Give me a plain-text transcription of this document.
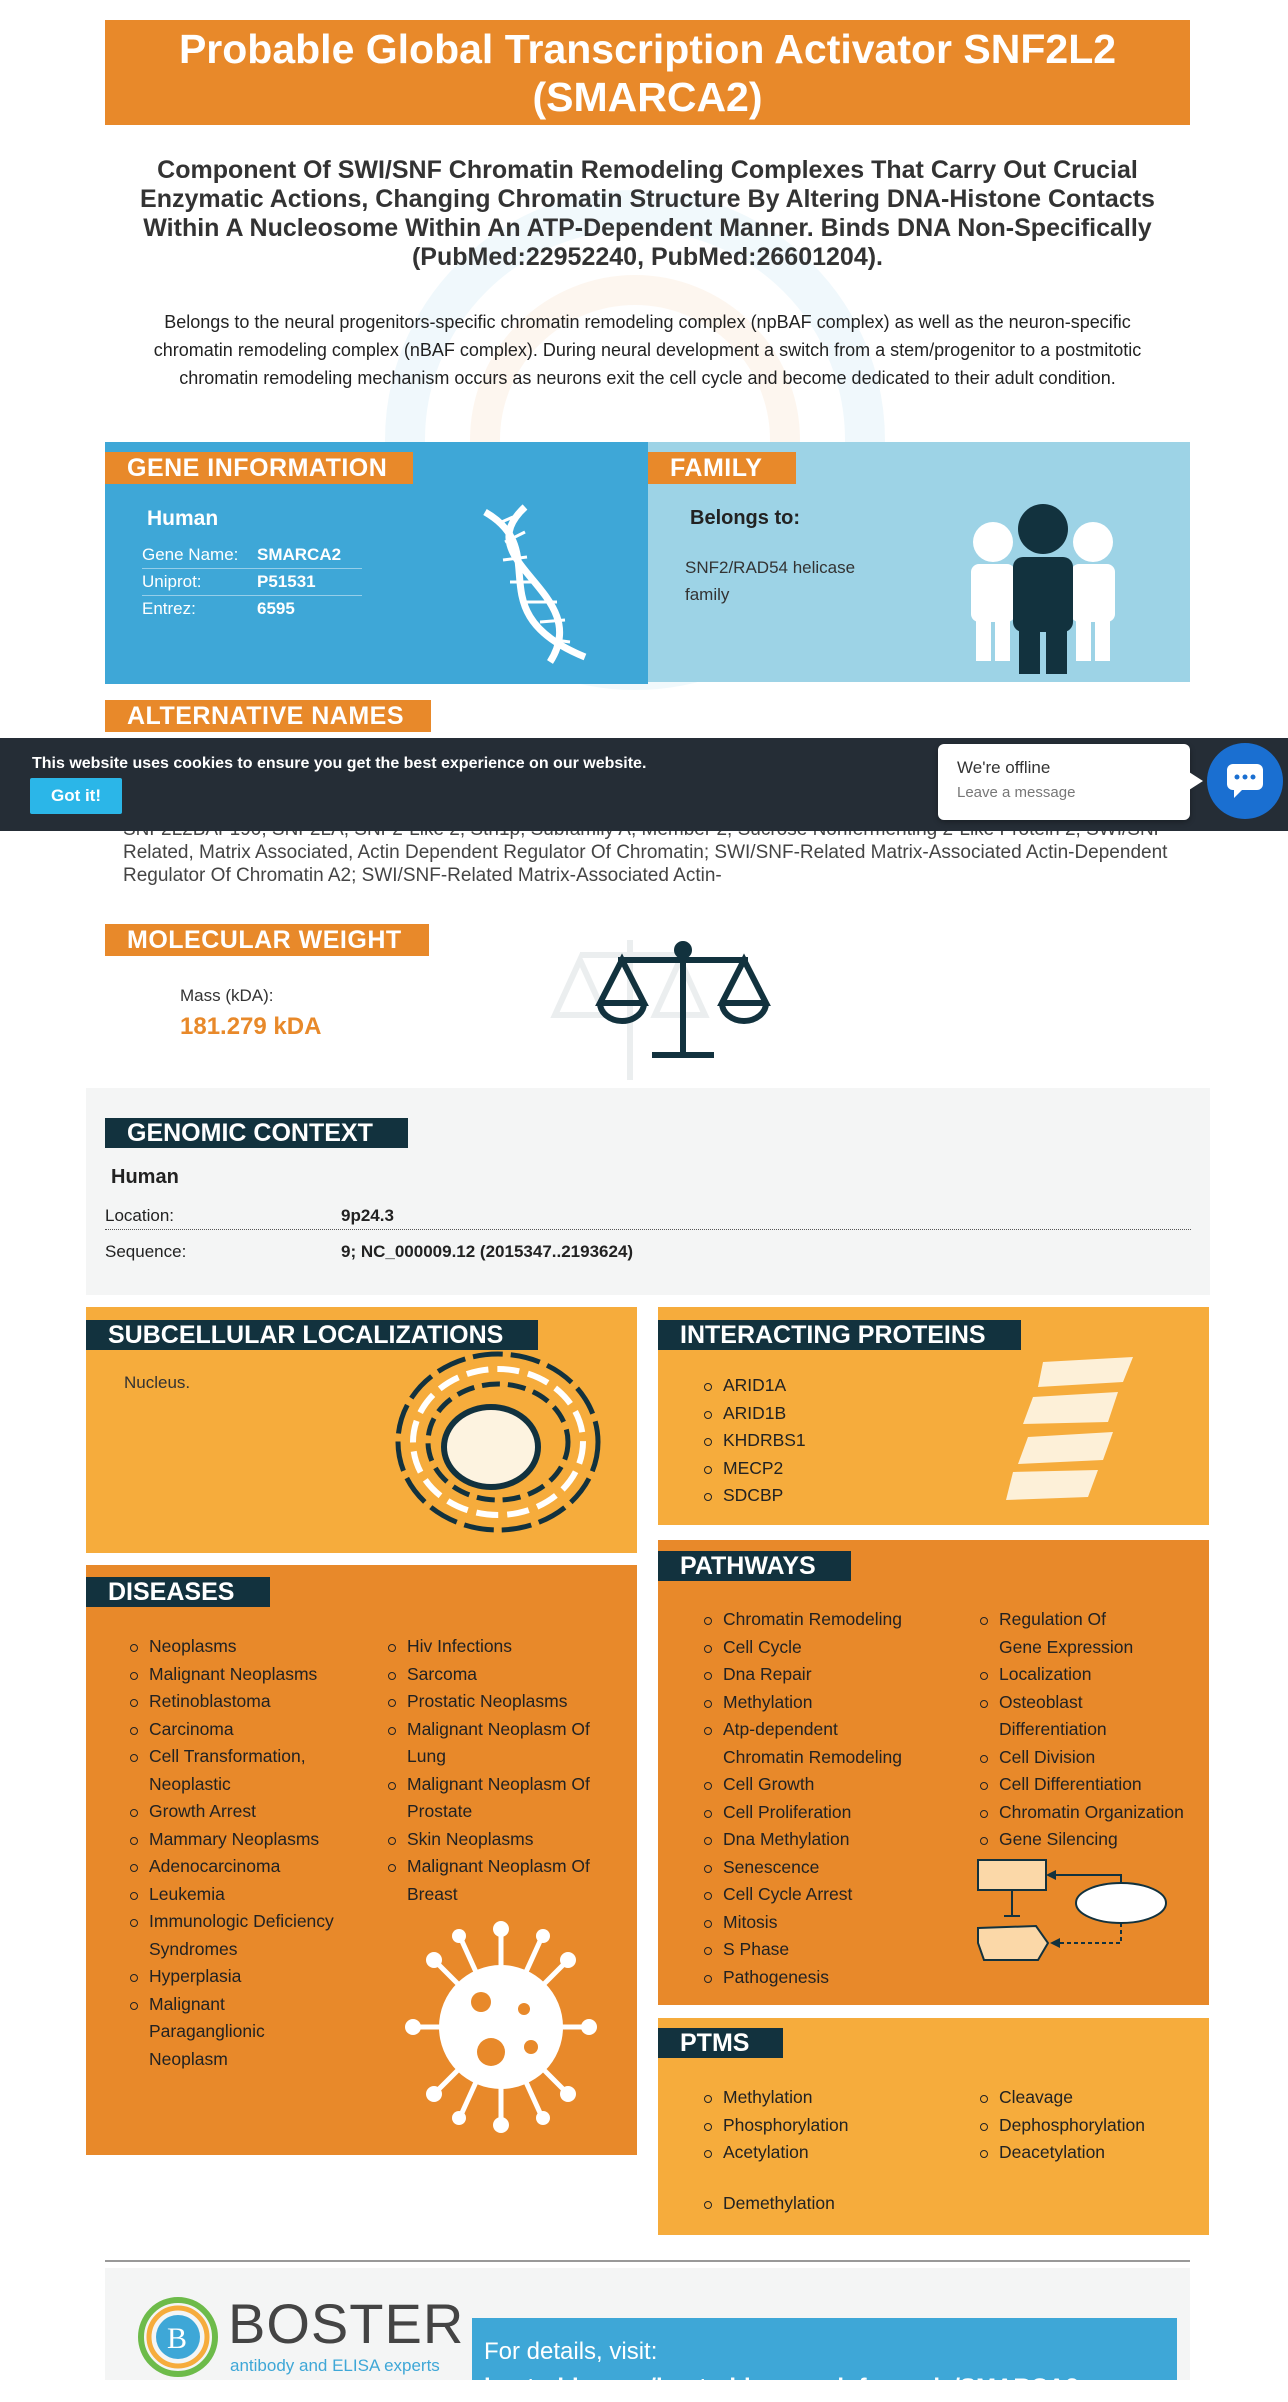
Probable Global Transcription Activator SNF2L2 (SMARCA2)
Component Of SWI/SNF Chromatin Remodeling Complexes That Carry Out Crucial Enzymatic Actions, Changing Chromatin Structure By Altering DNA-Histone Contacts Within A Nucleosome Within An ATP-Dependent Manner. Binds DNA Non-Specifically (PubMed:22952240, PubMed:26601204).
Belongs to the neural progenitors-specific chromatin remodeling complex (npBAF complex) as well as the neuron-specific chromatin remodeling complex (nBAF complex). During neural development a switch from a stem/progenitor to a postmitotic chromatin remodeling mechanism occurs as neurons exit the cell cycle and become dedicated to their adult condition.
GENE INFORMATION
Human
Gene Name:	SMARCA2
Uniprot:	P51531
Entrez:	6595
FAMILY
Belongs to:
SNF2/RAD54 helicase family
ALTERNATIVE NAMES
Related, Matrix Associated, Actin Dependent Regulator Of Chromatin; SWI/SNF-Related Matrix-Associated Actin-Dependent Regulator Of Chromatin A2; SWI/SNF-Related Matrix-Associated Actin-
This website uses cookies to ensure you get the best experience on our website.
Got it!
We're offline
Leave a message
MOLECULAR WEIGHT
Mass (kDA):
181.279 kDA
GENOMIC CONTEXT
Human
Location:	9p24.3
Sequence:	9; NC_000009.12 (2015347..2193624)
SUBCELLULAR LOCALIZATIONS
Nucleus.
INTERACTING PROTEINS
ARID1A
ARID1B
KHDRBS1
MECP2
SDCBP
DISEASES
Neoplasms
Malignant Neoplasms
Retinoblastoma
Carcinoma
Cell Transformation, Neoplastic
Growth Arrest
Mammary Neoplasms
Adenocarcinoma
Leukemia
Immunologic Deficiency Syndromes
Hyperplasia
Malignant Paraganglionic Neoplasm
Hiv Infections
Sarcoma
Prostatic Neoplasms
Malignant Neoplasm Of Lung
Malignant Neoplasm Of Prostate
Skin Neoplasms
Malignant Neoplasm Of Breast
PATHWAYS
Chromatin Remodeling
Cell Cycle
Dna Repair
Methylation
Atp-dependent Chromatin Remodeling
Cell Growth
Cell Proliferation
Dna Methylation
Senescence
Cell Cycle Arrest
Mitosis
S Phase
Pathogenesis
Regulation Of Gene Expression
Localization
Osteoblast Differentiation
Cell Division
Cell Differentiation
Chromatin Organization
Gene Silencing
PTMS
Methylation
Phosphorylation
Acetylation
Cleavage
Dephosphorylation
Deacetylation
Demethylation
B BOSTER
antibody and ELISA experts
For details, visit:
bosterbio.com/bosterbio-gene-info-cards/SMARCA2
